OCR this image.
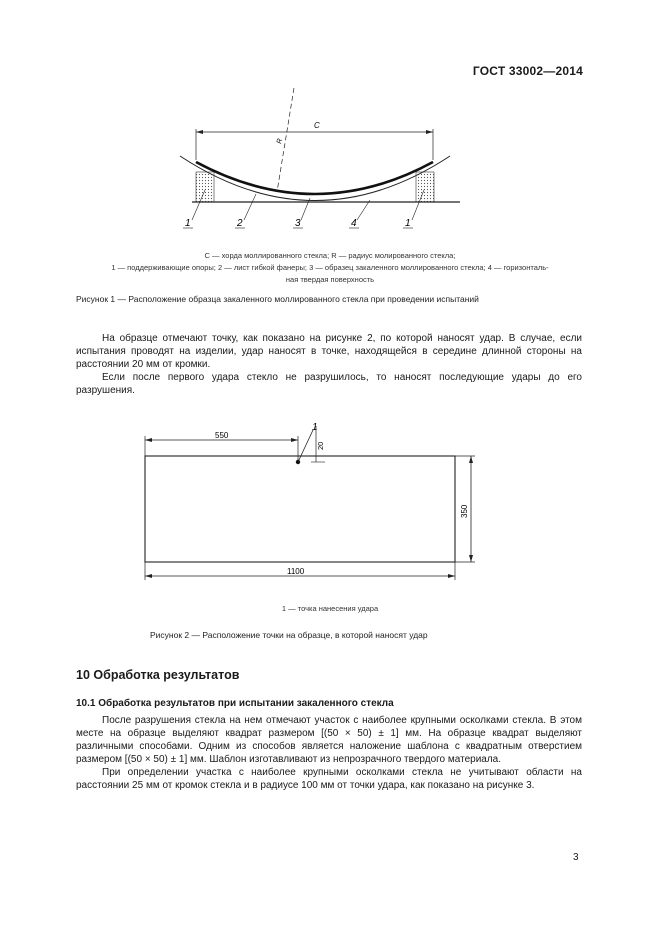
ГОСТ 33002—2014
C
R
1	2	3	4	1
C — хорда моллированного стекла; R — радиус молированного стекла;
1 — поддерживающие опоры; 2 — лист гибкой фанеры; 3 — образец закаленного моллированного стекла; 4 — горизонталь-
ная твердая поверхность
Рисунок 1 — Расположение образца закаленного моллированного стекла при проведении испытаний

На образце отмечают точку, как показано на рисунке 2, по которой наносят удар. В случае, если испытания проводят на изделии, удар наносят в точке, находящейся в середине длинной стороны на расстоянии 20 мм от кромки.

Если после первого удара стекло не разрушилось, то наносят последующие удары до его разрушения.

550
20
1
350
1100
1 — точка нанесения удара
Рисунок 2 — Расположение точки на образце, в которой наносят удар
10 Обработка результатов
10.1 Обработка результатов при испытании закаленного стекла

После разрушения стекла на нем отмечают участок с наиболее крупными осколками стекла. В этом месте на образце выделяют квадрат размером [(50 × 50) ± 1] мм. На образце квадрат выделяют различными способами. Одним из способов является наложение шаблона с квадратным отверстием размером [(50 × 50) ± 1] мм. Шаблон изготавливают из непрозрачного твердого материала.

При определении участка с наиболее крупными осколками стекла не учитывают области на расстоянии 25 мм от кромок стекла и в радиусе 100 мм от точки удара, как показано на рисунке 3.

3
